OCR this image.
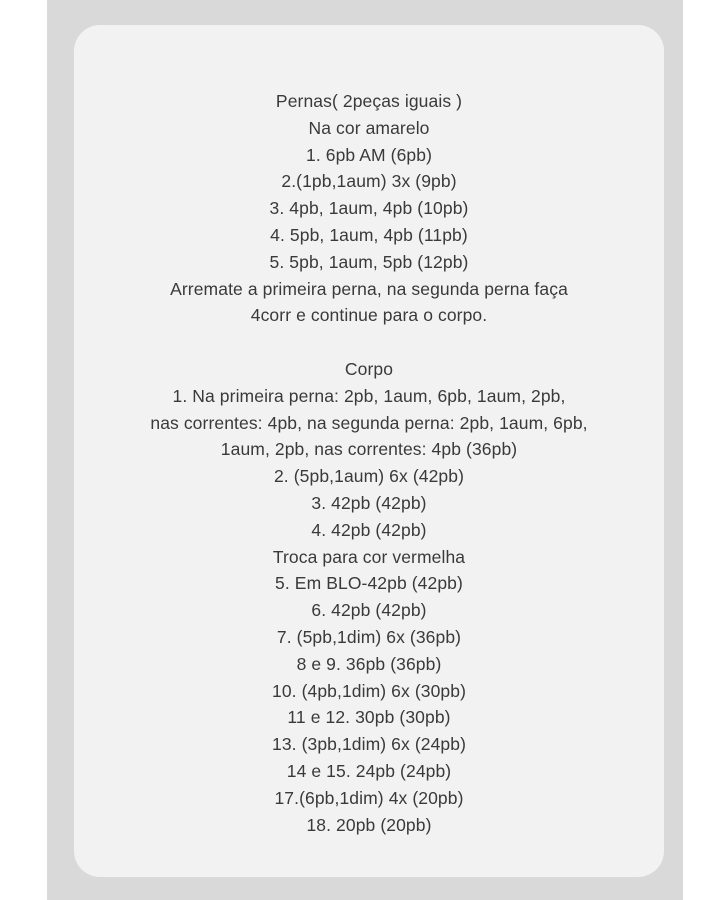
Pernas( 2peças iguais )
Na cor amarelo
1. 6pb AM (6pb)
2.(1pb,1aum) 3x (9pb)
3. 4pb, 1aum, 4pb (10pb)
4. 5pb, 1aum, 4pb (11pb)
5. 5pb, 1aum, 5pb (12pb)
Arremate a primeira perna, na segunda perna faça
4corr e continue para o corpo.
Corpo
1. Na primeira perna: 2pb, 1aum, 6pb, 1aum, 2pb,
nas correntes: 4pb, na segunda perna: 2pb, 1aum, 6pb,
1aum, 2pb, nas correntes: 4pb (36pb)
2. (5pb,1aum) 6x (42pb)
3. 42pb (42pb)
4. 42pb (42pb)
Troca para cor vermelha
5. Em BLO-42pb (42pb)
6. 42pb (42pb)
7. (5pb,1dim) 6x (36pb)
8 e 9. 36pb (36pb)
10. (4pb,1dim) 6x (30pb)
11 e 12. 30pb (30pb)
13. (3pb,1dim) 6x (24pb)
14 e 15. 24pb (24pb)
17.(6pb,1dim) 4x (20pb)
18. 20pb (20pb)
